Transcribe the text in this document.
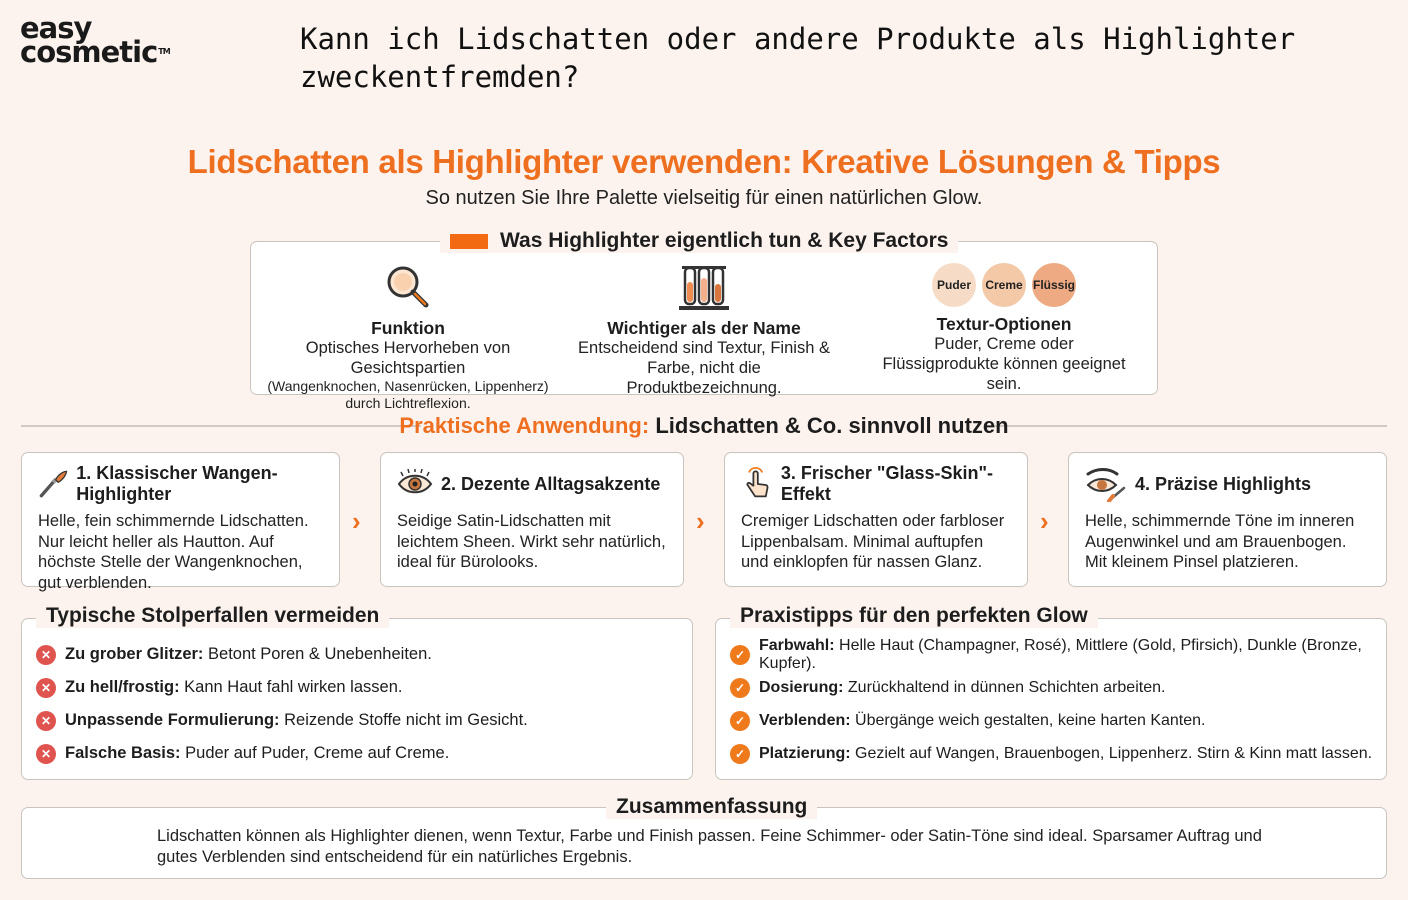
easy
cosmetic™	Kann ich Lidschatten oder andere Produkte als Highlighter zweckentfremden?
Lidschatten als Highlighter verwenden: Kreative Lösungen & Tipps
So nutzen Sie Ihre Palette vielseitig für einen natürlichen Glow.
Was Highlighter eigentlich tun & Key Factors
Funktion
Optisches Hervorheben von Gesichtspartien
(Wangenknochen, Nasenrücken, Lippenherz)
durch Lichtreflexion.
Wichtiger als der Name
Entscheidend sind Textur, Finish & Farbe, nicht die Produktbezeichnung.
Puder	Creme Flüssig
Textur-Optionen
Puder, Creme oder Flüssigprodukte können geeignet sein.
Praktische Anwendung: Lidschatten & Co. sinnvoll nutzen
1. Klassischer Wangen-Highlighter
Helle, fein schimmernde Lidschatten. Nur leicht heller als Hautton. Auf höchste Stelle der Wangenknochen, gut verblenden.
›
2. Dezente Alltagsakzente
Seidige Satin-Lidschatten mit leichtem Sheen. Wirkt sehr natürlich, ideal für Bürolooks.
›
3. Frischer "Glass-Skin"-Effekt
Cremiger Lidschatten oder farbloser Lippenbalsam. Minimal auftupfen und einklopfen für nassen Glanz.
›
4. Präzise Highlights
Helle, schimmernde Töne im inneren Augenwinkel und am Brauenbogen. Mit kleinem Pinsel platzieren.
Typische Stolperfallen vermeiden
✕ Zu grober Glitzer: Betont Poren & Unebenheiten.
✕ Zu hell/frostig: Kann Haut fahl wirken lassen.
✕ Unpassende Formulierung: Reizende Stoffe nicht im Gesicht.
✕ Falsche Basis: Puder auf Puder, Creme auf Creme.
Praxistipps für den perfekten Glow
✓
Farbwahl: Helle Haut (Champagner, Rosé), Mittlere (Gold, Pfirsich), Dunkle (Bronze, Kupfer).
✓ Dosierung: Zurückhaltend in dünnen Schichten arbeiten.
✓ Verblenden: Übergänge weich gestalten, keine harten Kanten.
✓ Platzierung: Gezielt auf Wangen, Brauenbogen, Lippenherz. Stirn & Kinn matt lassen.
Zusammenfassung
Lidschatten können als Highlighter dienen, wenn Textur, Farbe und Finish passen. Feine Schimmer- oder Satin-Töne sind ideal. Sparsamer Auftrag und gutes Verblenden sind entscheidend für ein natürliches Ergebnis.
